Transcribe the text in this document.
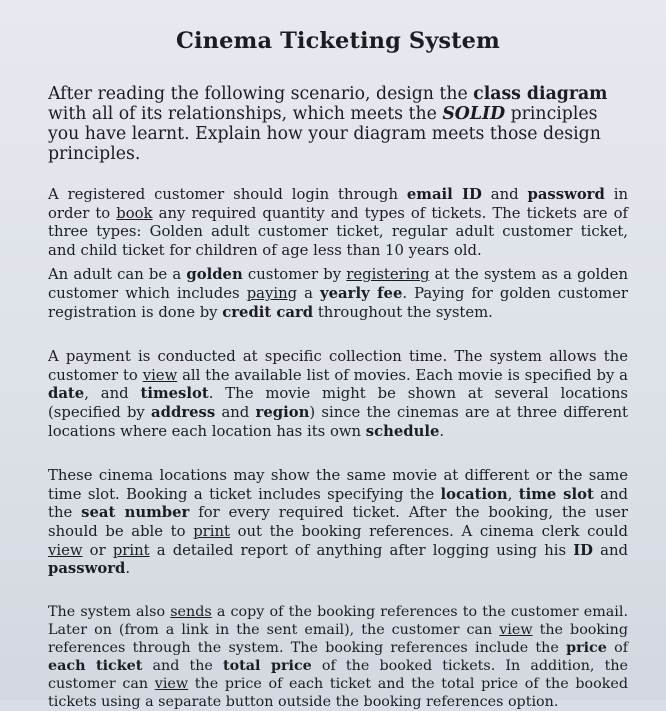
Cinema Ticketing System
After reading the following scenario, design the class diagram with all of its relationships, which meets the SOLID principles you have learnt. Explain how your diagram meets those design principles.
A registered customer should login through email ID and password in order to book any required quantity and types of tickets. The tickets are of three types: Golden adult customer ticket, regular adult customer ticket, and child ticket for children of age less than 10 years old.
An adult can be a golden customer by registering at the system as a golden customer which includes paying a yearly fee. Paying for golden customer registration is done by credit card throughout the system.
A payment is conducted at specific collection time. The system allows the customer to view all the available list of movies. Each movie is specified by a date, and timeslot. The movie might be shown at several locations (specified by address and region) since the cinemas are at three different locations where each location has its own schedule.
These cinema locations may show the same movie at different or the same time slot. Booking a ticket includes specifying the location, time slot and the seat number for every required ticket. After the booking, the user should be able to print out the booking references. A cinema clerk could view or print a detailed report of anything after logging using his ID and password.
The system also sends a copy of the booking references to the customer email. Later on (from a link in the sent email), the customer can view the booking references through the system. The booking references include the price of each ticket and the total price of the booked tickets. In addition, the customer can view the price of each ticket and the total price of the booked tickets using a separate button outside the booking references option.
